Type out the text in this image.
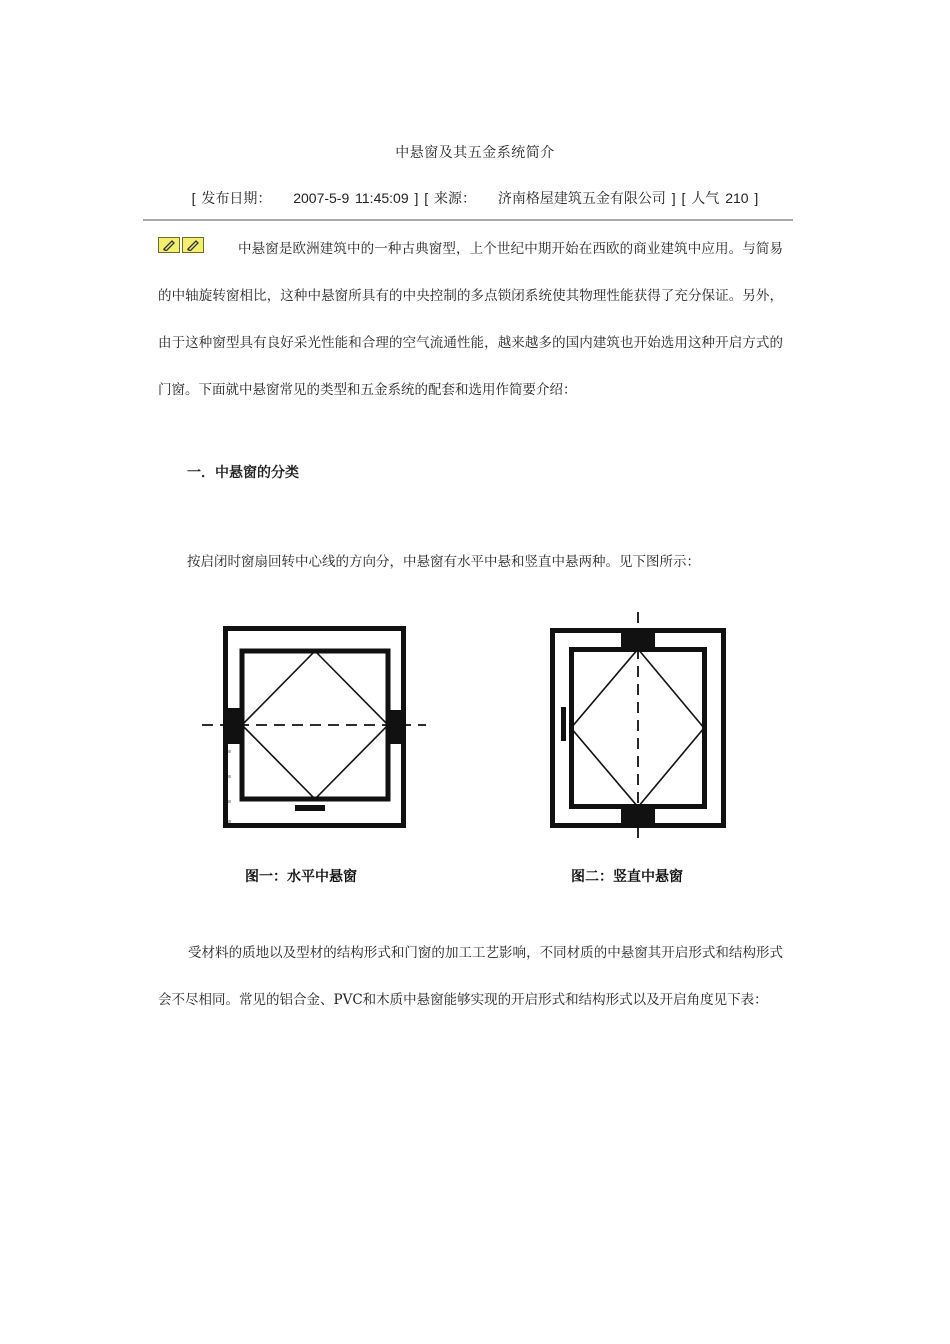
中悬窗及其五金系统简介
[ 发布日期： 2007-5-9 11:45:09 ] [ 来源： 济南格屋建筑五金有限公司 ] [ 人气 210 ]

中悬窗是欧洲建筑中的一种古典窗型，上个世纪中期开始在西欧的商业建筑中应用。与简易的中轴旋转窗相比，这种中悬窗所具有的中央控制的多点锁闭系统使其物理性能获得了充分保证。另外，由于这种窗型具有良好采光性能和合理的空气流通性能，越来越多的国内建筑也开始选用这种开启方式的门窗。下面就中悬窗常见的类型和五金系统的配套和选用作简要介绍：

一．中悬窗的分类

按启闭时窗扇回转中心线的方向分，中悬窗有水平中悬和竖直中悬两种。见下图所示：

图一：水平中悬窗	图二：竖直中悬窗

受材料的质地以及型材的结构形式和门窗的加工工艺影响，不同材质的中悬窗其开启形式和结构形式会不尽相同。常见的铝合金、PVC和木质中悬窗能够实现的开启形式和结构形式以及开启角度见下表：
